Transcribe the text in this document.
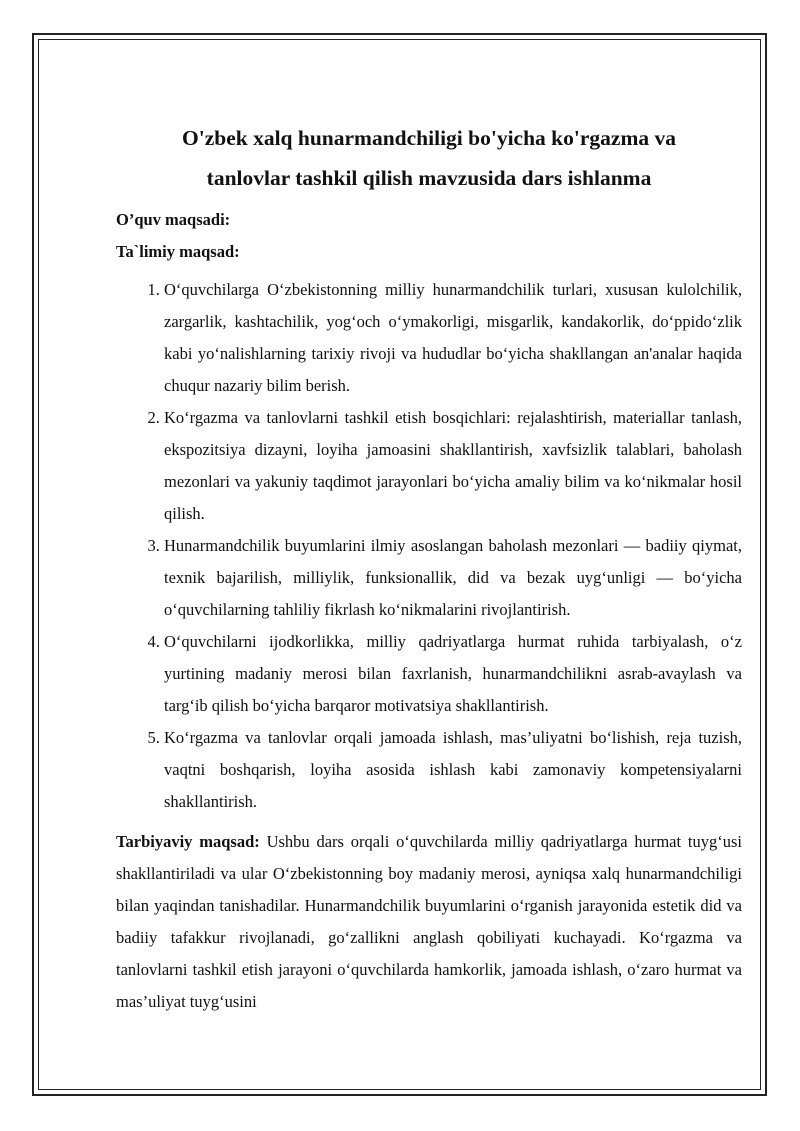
O'zbek xalq hunarmandchiligi bo'yicha ko'rgazma va
tanlovlar tashkil qilish mavzusida dars ishlanma

O’quv maqsadi:

Ta`limiy maqsad:

1. O‘quvchilarga O‘zbekistonning milliy hunarmandchilik turlari, xususan kulolchilik, zargarlik, kashtachilik, yog‘och o‘ymakorligi, misgarlik, kandakorlik, do‘ppido‘zlik kabi yo‘nalishlarning tarixiy rivoji va hududlar bo‘yicha shakllangan an'analar haqida chuqur nazariy bilim berish.
2. Ko‘rgazma va tanlovlarni tashkil etish bosqichlari: rejalashtirish, materiallar tanlash, ekspozitsiya dizayni, loyiha jamoasini shakllantirish, xavfsizlik talablari, baholash mezonlari va yakuniy taqdimot jarayonlari bo‘yicha amaliy bilim va ko‘nikmalar hosil qilish.
3. Hunarmandchilik buyumlarini ilmiy asoslangan baholash mezonlari — badiiy qiymat, texnik bajarilish, milliylik, funksionallik, did va bezak uyg‘unligi — bo‘yicha o‘quvchilarning tahliliy fikrlash ko‘nikmalarini rivojlantirish.
4. O‘quvchilarni ijodkorlikka, milliy qadriyatlarga hurmat ruhida tarbiyalash, o‘z yurtining madaniy merosi bilan faxrlanish, hunarmandchilikni asrab-avaylash va targ‘ib qilish bo‘yicha barqaror motivatsiya shakllantirish.
5. Ko‘rgazma va tanlovlar orqali jamoada ishlash, mas’uliyatni bo‘lishish, reja tuzish, vaqtni boshqarish, loyiha asosida ishlash kabi zamonaviy kompetensiyalarni shakllantirish.

Tarbiyaviy maqsad: Ushbu dars orqali o‘quvchilarda milliy qadriyatlarga hurmat tuyg‘usi shakllantiriladi va ular O‘zbekistonning boy madaniy merosi, ayniqsa xalq hunarmandchiligi bilan yaqindan tanishadilar. Hunarmandchilik buyumlarini o‘rganish jarayonida estetik did va badiiy tafakkur rivojlanadi, go‘zallikni anglash qobiliyati kuchayadi. Ko‘rgazma va tanlovlarni tashkil etish jarayoni o‘quvchilarda hamkorlik, jamoada ishlash, o‘zaro hurmat va mas’uliyat tuyg‘usini
